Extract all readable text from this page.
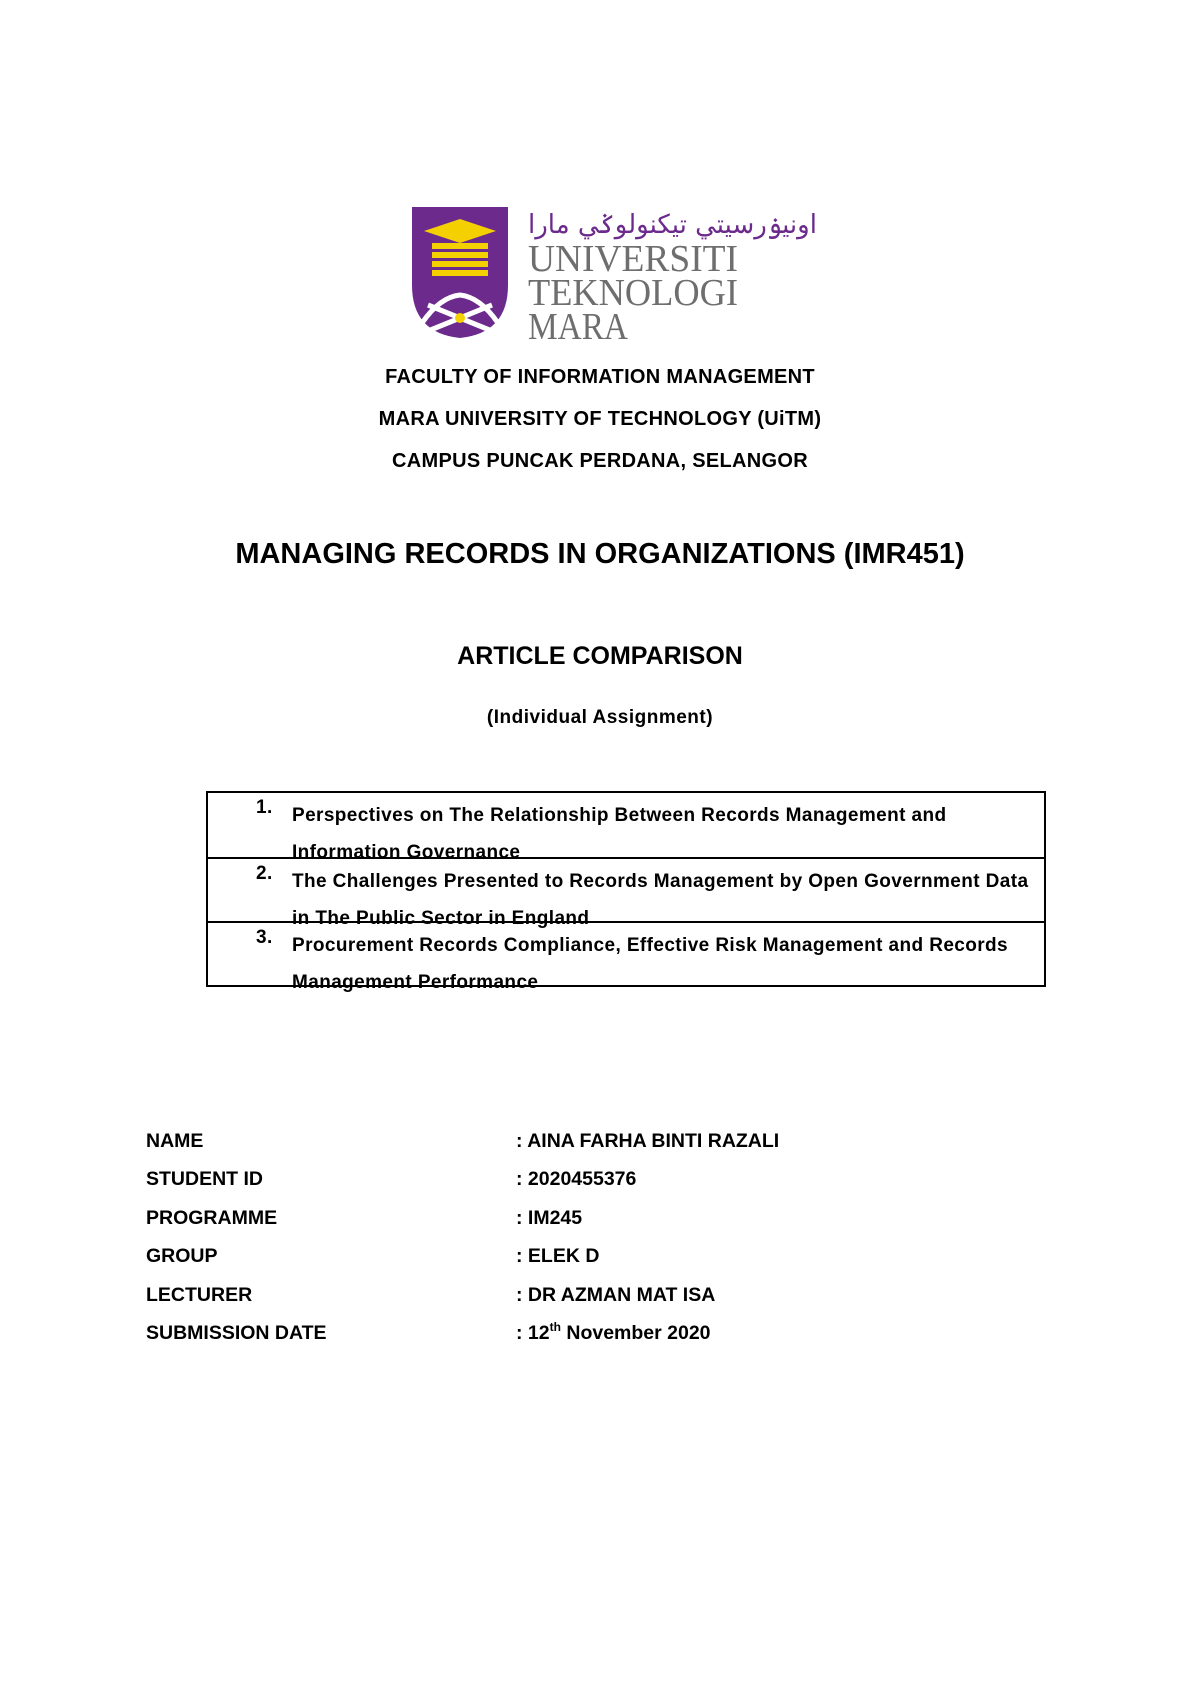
اونيۏرسيتي تيكنولوݢي مارا
UNIVERSITI
TEKNOLOGI
MARA
FACULTY OF INFORMATION MANAGEMENT
MARA UNIVERSITY OF TECHNOLOGY (UiTM)
CAMPUS PUNCAK PERDANA, SELANGOR
MANAGING RECORDS IN ORGANIZATIONS (IMR451)
ARTICLE COMPARISON
(Individual Assignment)
1. Perspectives on The Relationship Between Records Management and Information Governance
2. The Challenges Presented to Records Management by Open Government Data in The Public Sector in England
3. Procurement Records Compliance, Effective Risk Management and Records Management Performance
NAME	: AINA FARHA BINTI RAZALI
STUDENT ID	: 2020455376
PROGRAMME	: IM245
GROUP	: ELEK D
LECTURER	: DR AZMAN MAT ISA
SUBMISSION DATE	: 12th November 2020
